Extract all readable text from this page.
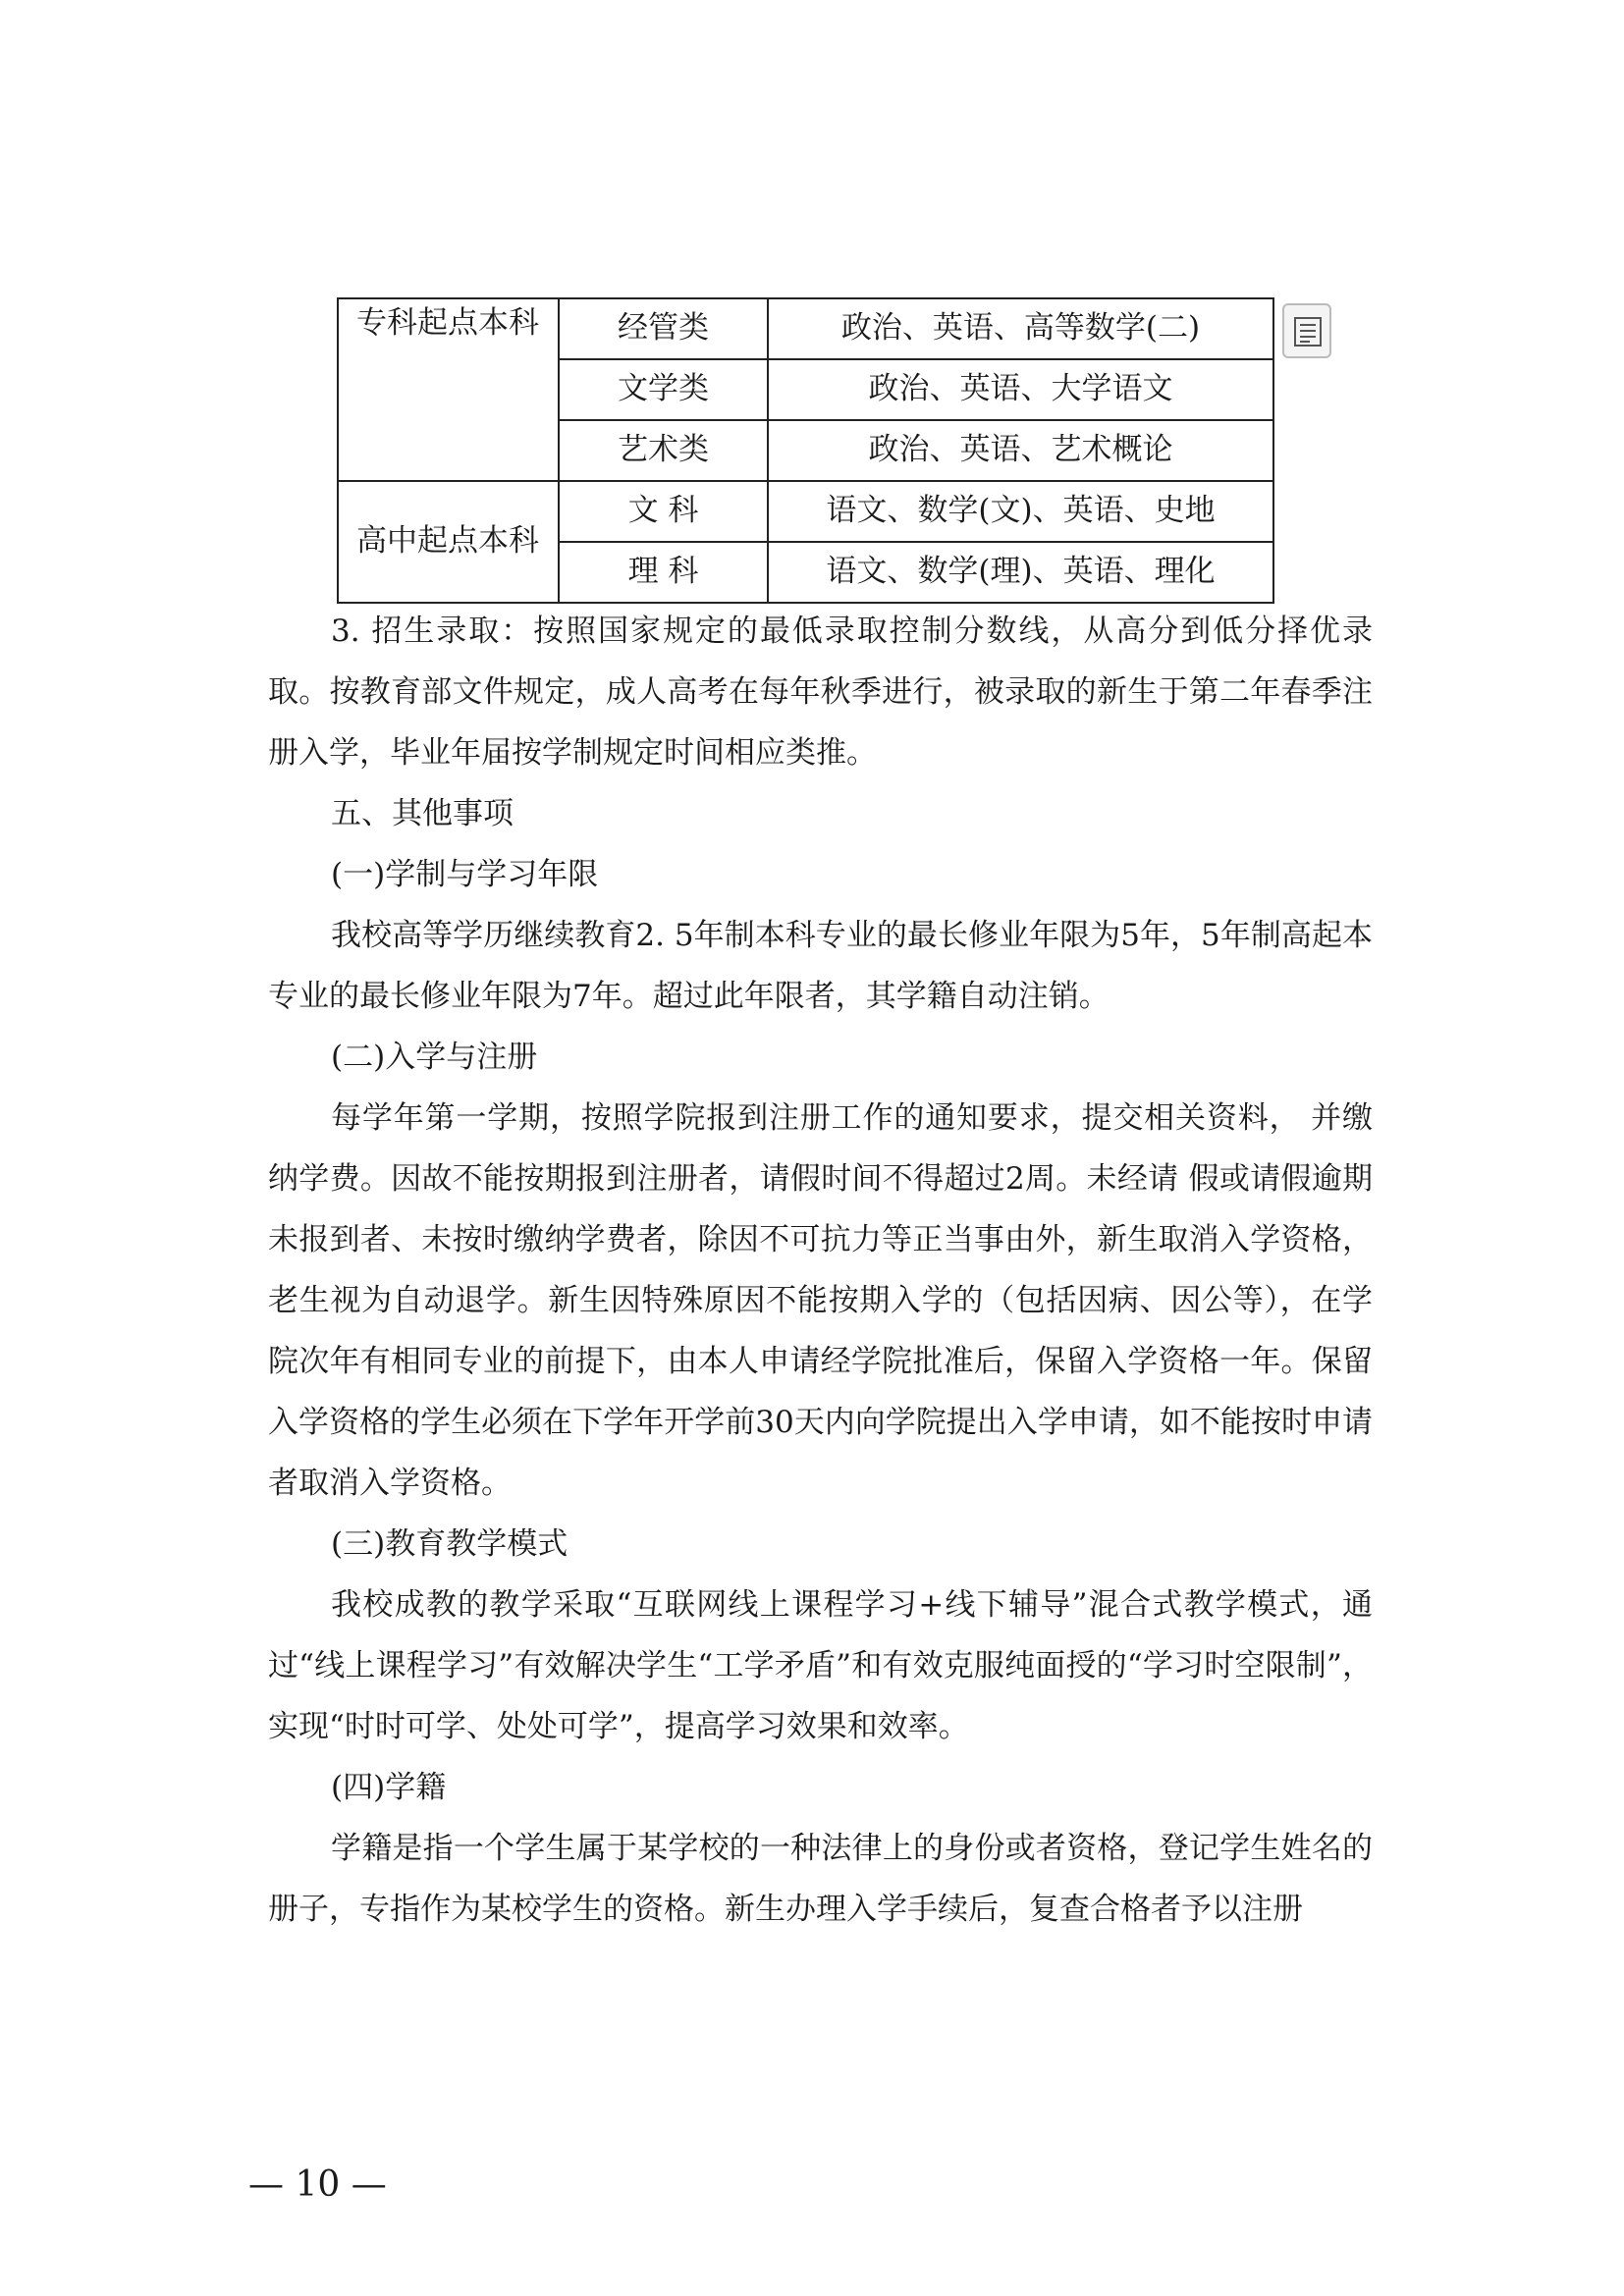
专科起点本科	经管类	政治、英语、高等数学(二)
	文学类	政治、英语、大学语文
	艺术类	政治、英语、艺术概论
高中起点本科	文 科	语文、数学(文)、英语、史地
	理 科	语文、数学(理)、英语、理化

3. 招生录取：按照国家规定的最低录取控制分数线，从高分到低分择优录取。按教育部文件规定，成人高考在每年秋季进行，被录取的新生于第二年春季注册入学，毕业年届按学制规定时间相应类推。

五、其他事项

(一)学制与学习年限

我校高等学历继续教育2. 5年制本科专业的最长修业年限为5年，5年制高起本专业的最长修业年限为7年。超过此年限者，其学籍自动注销。

(二)入学与注册

每学年第一学期，按照学院报到注册工作的通知要求，提交相关资料， 并缴纳学费。因故不能按期报到注册者，请假时间不得超过2周。未经请 假或请假逾期未报到者、未按时缴纳学费者，除因不可抗力等正当事由外，新生取消入学资格，老生视为自动退学。新生因特殊原因不能按期入学的（包括因病、因公等），在学院次年有相同专业的前提下，由本人申请经学院批准后，保留入学资格一年。保留入学资格的学生必须在下学年开学前30天内向学院提出入学申请，如不能按时申请者取消入学资格。

(三)教育教学模式

我校成教的教学采取“互联网线上课程学习+线下辅导”混合式教学模式，通过“线上课程学习”有效解决学生“工学矛盾”和有效克服纯面授的“学习时空限制”，实现“时时可学、处处可学”，提高学习效果和效率。

(四)学籍

学籍是指一个学生属于某学校的一种法律上的身份或者资格，登记学生姓名的册子，专指作为某校学生的资格。新生办理入学手续后，复查合格者予以注册

— 10 —
